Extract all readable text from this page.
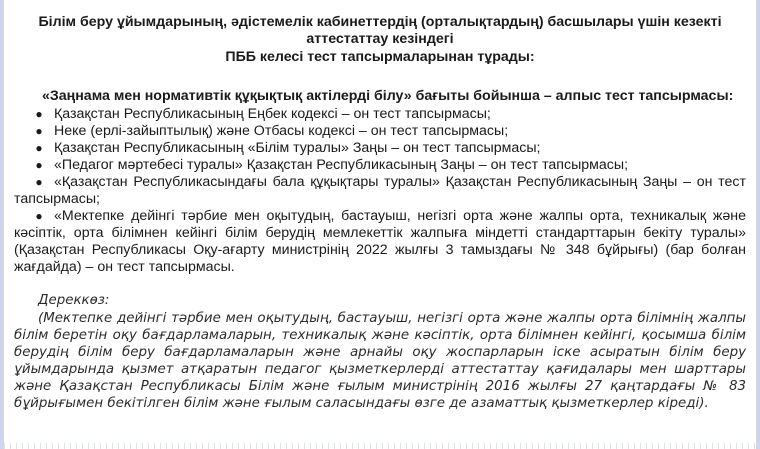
Білім беру ұйымдарының, әдістемелік кабинеттердің (орталықтардың) басшылары үшін кезекті
аттестаттау кезіндегі
ПББ келесі тест тапсырмаларынан тұрады:

«Заңнама мен нормативтік құқықтық актілерді білу» бағыты бойынша – алпыс тест тапсырмасы:

● Қазақстан Республикасының Еңбек кодексі – он тест тапсырмасы;

● Неке (ерлі-зайыптылық) және Отбасы кодексі – он тест тапсырмасы;

● Қазақстан Республикасының «Білім туралы» Заңы – он тест тапсырмасы;

● «Педагог мәртебесі туралы» Қазақстан Республикасының Заңы – он тест тапсырмасы;

● «Қазақстан Республикасындағы бала құқықтары туралы» Қазақстан Республикасының Заңы – он тест тапсырмасы;

● «Мектепке дейінгі тәрбие мен оқытудың, бастауыш, негізгі орта және жалпы орта, техникалық және кәсіптік, орта білімнен кейінгі білім берудің мемлекеттік жалпыға міндетті стандарттарын бекіту туралы» (Қазақстан Республикасы Оқу-ағарту министрінің 2022 жылғы 3 тамыздағы № 348 бұйрығы) (бар болған жағдайда) – он тест тапсырмасы.

Дереккөз:
(Мектепке дейінгі тәрбие мен оқытудың, бастауыш, негізгі орта және жалпы орта білімнің жалпы білім беретін оқу бағдарламаларын, техникалық және кәсіптік, орта білімнен кейінгі, қосымша білім берудің білім беру бағдарламаларын және арнайы оқу жоспарларын іске асыратын білім беру ұйымдарында қызмет атқаратын педагог қызметкерлерді аттестаттау қағидалары мен шарттары және Қазақстан Республикасы Білім және ғылым министрінің 2016 жылғы 27 қаңтардағы № 83 бұйрығымен бекітілген білім және ғылым саласындағы өзге де азаматтық қызметкерлер кіреді).
